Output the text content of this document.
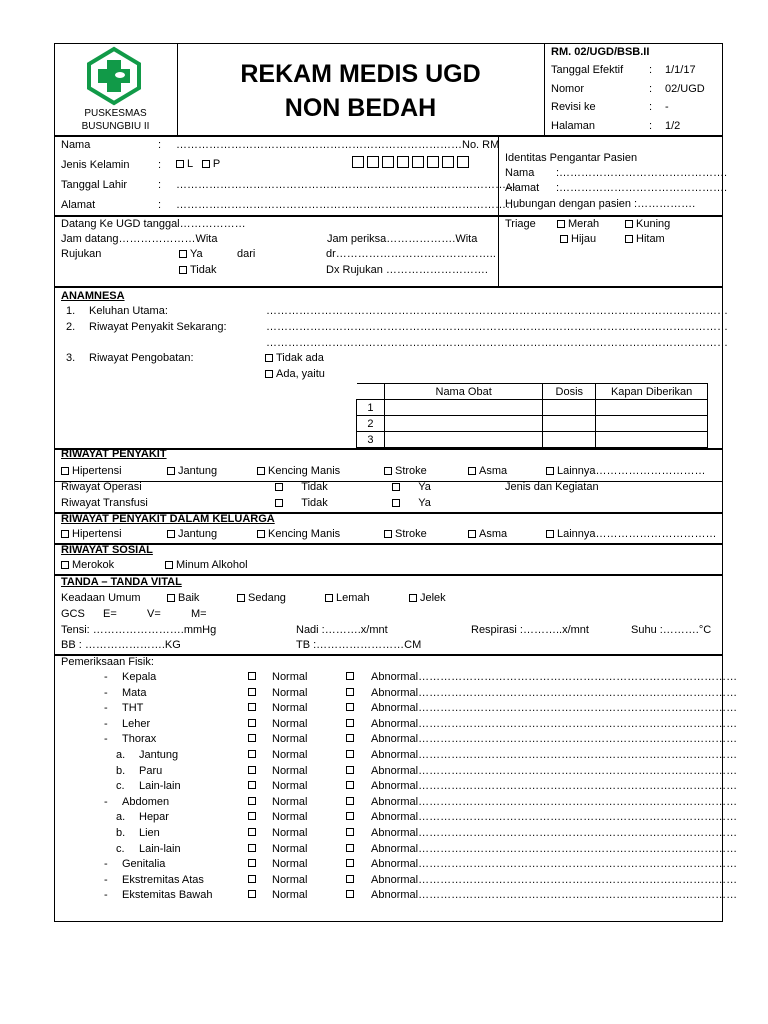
PUSKESMAS
BUSUNGBIU II
REKAM MEDIS UGD
NON BEDAH
RM. 02/UGD/BSB.II
Tanggal Efektif : 1/1/17
Nomor	: 02/UGD
Revisi ke	: -
Halaman	: 1/2
Nama	: ……………………………………………………………………No. RM
Jenis Kelamin	:	L P
Tanggal Lahir	: …………………………………………………………………………………
Alamat	: …………………………………………………………………………………
Identitas Pengantar Pasien
Nama :……………………………………….
Alamat :……………………………………….
Hubungan dengan pasien :…………….
Datang Ke UGD tanggal………………
Jam datang…………………Wita	Jam periksa……………….Wita
Rujukan	Ya	dari	dr……………………………………..
Tidak	Dx Rujukan ……………………….
Triage	Merah	Kuning
Hijau	Hitam
ANAMNESA
1. Keluhan Utama:	………………………………………………………………………………………………………………
2. Riwayat Penyakit Sekarang:	………………………………………………………………………………………………………………
………………………………………………………………………………………………………………
3. Riwayat Pengobatan:	Tidak ada
Ada, yaitu
	Nama Obat	Dosis	Kapan Diberikan
1			
2			
3			
RIWAYAT PENYAKIT
Hipertensi	Jantung	Kencing Manis	Stroke	Asma	Lainnya…………………………
Riwayat Operasi	Tidak	Ya	Jenis dan Kegiatan
Riwayat Transfusi	Tidak	Ya
RIWAYAT PENYAKIT DALAM KELUARGA
Hipertensi	Jantung	Kencing Manis	Stroke	Asma	Lainnya……………………………
RIWAYAT SOSIAL
Merokok	Minum Alkohol
TANDA – TANDA VITAL
Keadaan Umum	Baik	Sedang	Lemah	Jelek
GCS E=	V=	M=
Tensi: …………………….mmHg	Nadi :……….x/mnt	Respirasi :………..x/mnt	Suhu :……….°C
BB : ………………….KG	TB :……………………CM
Pemeriksaan Fisik:
- Kepala	Normal	Abnormal……………………………………………………………………………
- Mata	Normal	Abnormal……………………………………………………………………………
- THT	Normal	Abnormal……………………………………………………………………………
- Leher	Normal	Abnormal……………………………………………………………………………
- Thorax	Normal	Abnormal……………………………………………………………………………
a. Jantung	Normal	Abnormal……………………………………………………………………………
b. Paru	Normal	Abnormal……………………………………………………………………………
c. Lain-lain	Normal	Abnormal……………………………………………………………………………
- Abdomen	Normal	Abnormal……………………………………………………………………………
a. Hepar	Normal	Abnormal……………………………………………………………………………
b. Lien	Normal	Abnormal……………………………………………………………………………
c. Lain-lain	Normal	Abnormal……………………………………………………………………………
- Genitalia	Normal	Abnormal……………………………………………………………………………
- Ekstremitas Atas	Normal	Abnormal……………………………………………………………………………
- Ekstemitas Bawah	Normal	Abnormal……………………………………………………………………………
